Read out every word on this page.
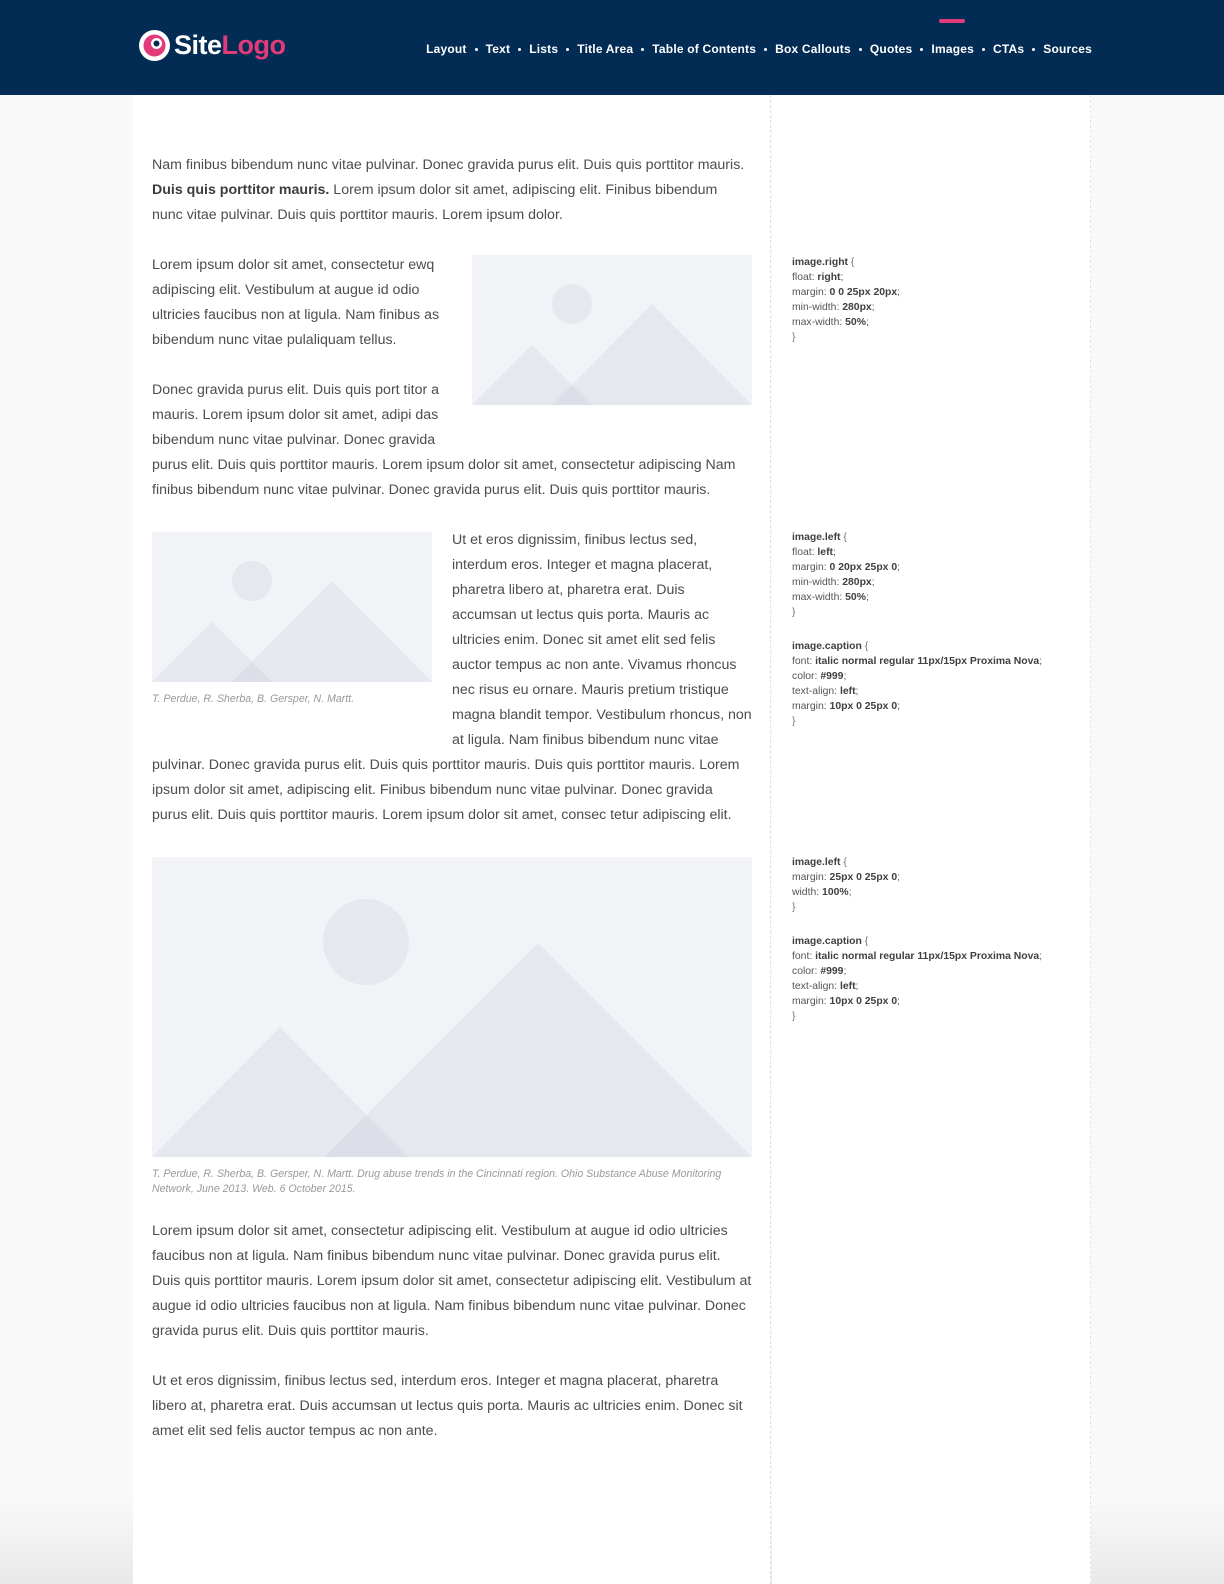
SiteLogo	Layout Text Lists Title Area Table of Contents Box Callouts Quotes Images CTAs Sources

Nam finibus bibendum nunc vitae pulvinar. Donec gravida purus elit. Duis quis porttitor mauris. Duis quis porttitor mauris. Lorem ipsum dolor sit amet, adipiscing elit. Finibus bibendum nunc vitae pulvinar. Duis quis porttitor mauris. Lorem ipsum dolor.

Lorem ipsum dolor sit amet, consectetur ewq adipiscing elit. Vestibulum at augue id odio ultricies faucibus non at ligula. Nam finibus as bibendum nunc vitae pulaliquam tellus.

Donec gravida purus elit. Duis quis port titor a mauris. Lorem ipsum dolor sit amet, adipi das bibendum nunc vitae pulvinar. Donec gravida purus elit. Duis quis porttitor mauris. Lorem ipsum dolor sit amet, consectetur adipiscing Nam finibus bibendum nunc vitae pulvinar. Donec gravida purus elit. Duis quis porttitor mauris.

T. Perdue, R. Sherba, B. Gersper, N. Martt.

Ut et eros dignissim, finibus lectus sed, interdum eros. Integer et magna placerat, pharetra libero at, pharetra erat. Duis accumsan ut lectus quis porta. Mauris ac ultricies enim. Donec sit amet elit sed felis auctor tempus ac non ante. Vivamus rhoncus nec risus eu ornare. Mauris pretium tristique magna blandit tempor. Vestibulum rhoncus, non at ligula. Nam finibus bibendum nunc vitae pulvinar. Donec gravida purus elit. Duis quis porttitor mauris. Duis quis porttitor mauris. Lorem ipsum dolor sit amet, adipiscing elit. Finibus bibendum nunc vitae pulvinar. Donec gravida purus elit. Duis quis porttitor mauris. Lorem ipsum dolor sit amet, consec tetur adipiscing elit.

T. Perdue, R. Sherba, B. Gersper, N. Martt. Drug abuse trends in the Cincinnati region. Ohio Substance Abuse Monitoring Network, June 2013. Web. 6 October 2015.

Lorem ipsum dolor sit amet, consectetur adipiscing elit. Vestibulum at augue id odio ultricies faucibus non at ligula. Nam finibus bibendum nunc vitae pulvinar. Donec gravida purus elit. Duis quis porttitor mauris. Lorem ipsum dolor sit amet, consectetur adipiscing elit. Vestibulum at augue id odio ultricies faucibus non at ligula. Nam finibus bibendum nunc vitae pulvinar. Donec gravida purus elit. Duis quis porttitor mauris.

Ut et eros dignissim, finibus lectus sed, interdum eros. Integer et magna placerat, pharetra libero at, pharetra erat. Duis accumsan ut lectus quis porta. Mauris ac ultricies enim. Donec sit amet elit sed felis auctor tempus ac non ante.

image.right {
float: right;
margin: 0 0 25px 20px;
min-width: 280px;
max-width: 50%;
}
image.left {
float: left;
margin: 0 20px 25px 0;
min-width: 280px;
max-width: 50%;
}
image.caption {
font: italic normal regular 11px/15px Proxima Nova;
color: #999;
text-align: left;
margin: 10px 0 25px 0;
}
image.left {
margin: 25px 0 25px 0;
width: 100%;
}
image.caption {
font: italic normal regular 11px/15px Proxima Nova;
color: #999;
text-align: left;
margin: 10px 0 25px 0;
}
